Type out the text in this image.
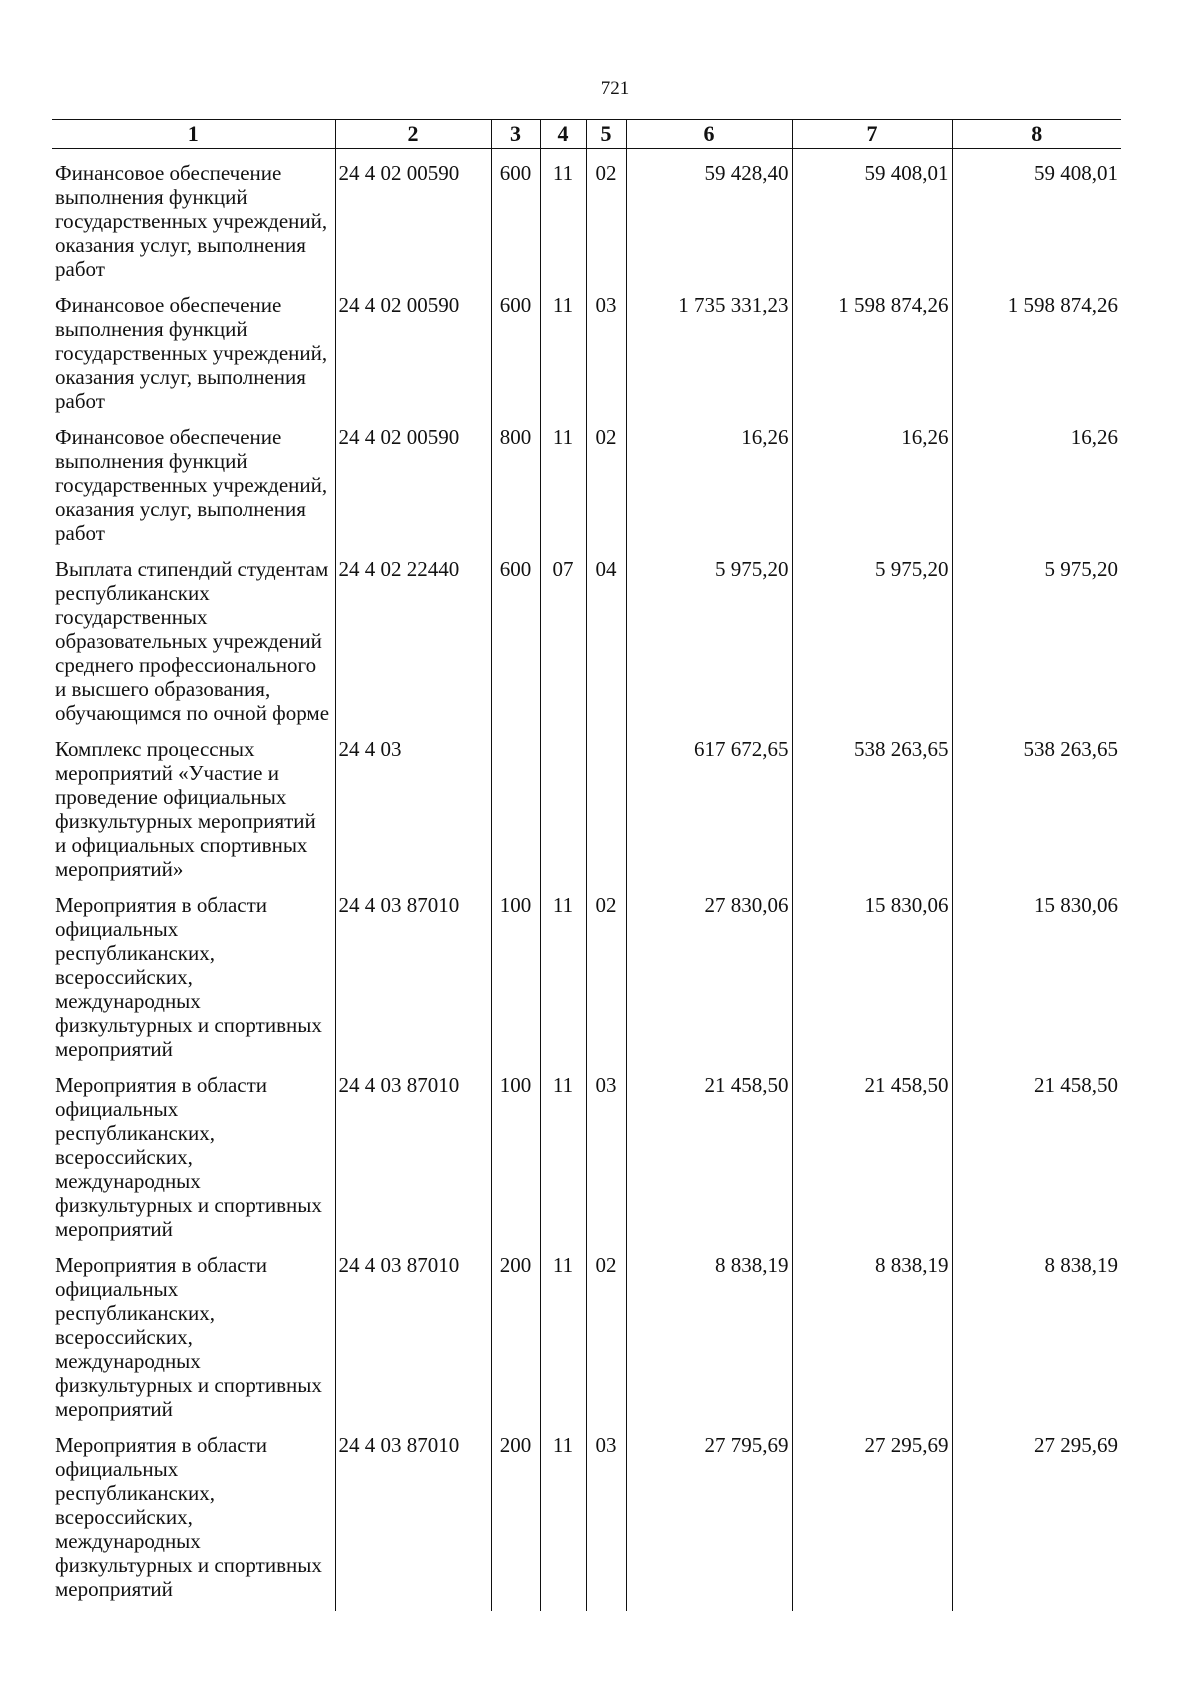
721
1	2	3	4	5	6	7	8
Финансовое обеспечение выполнения функций государственных учреждений, оказания услуг, выполнения работ	24 4 02 00590	600	11	02	59 428,40	59 408,01	59 408,01
Финансовое обеспечение выполнения функций государственных учреждений, оказания услуг, выполнения работ	24 4 02 00590	600	11	03	1 735 331,23	1 598 874,26	1 598 874,26
Финансовое обеспечение выполнения функций государственных учреждений, оказания услуг, выполнения работ	24 4 02 00590	800	11	02	16,26	16,26	16,26
Выплата стипендий студентам республиканских государственных образовательных учреждений среднего профессионального и высшего образования, обучающимся по очной форме	24 4 02 22440	600	07	04	5 975,20	5 975,20	5 975,20
Комплекс процессных мероприятий «Участие и проведение официальных физкультурных мероприятий и официальных спортивных мероприятий»	24 4 03				617 672,65	538 263,65	538 263,65
Мероприятия в области официальных республиканских, всероссийских, международных физкультурных и спортивных мероприятий	24 4 03 87010	100	11	02	27 830,06	15 830,06	15 830,06
Мероприятия в области официальных республиканских, всероссийских, международных физкультурных и спортивных мероприятий	24 4 03 87010	100	11	03	21 458,50	21 458,50	21 458,50
Мероприятия в области официальных республиканских, всероссийских, международных физкультурных и спортивных мероприятий	24 4 03 87010	200	11	02	8 838,19	8 838,19	8 838,19
Мероприятия в области официальных республиканских, всероссийских, международных физкультурных и спортивных мероприятий	24 4 03 87010	200	11	03	27 795,69	27 295,69	27 295,69
